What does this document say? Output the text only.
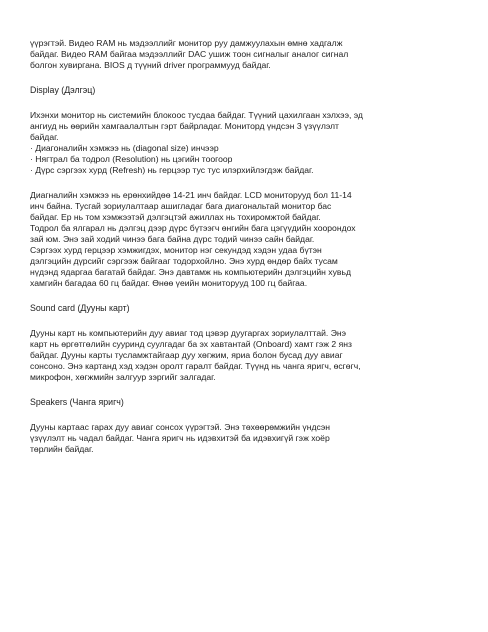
үүрэгтэй. Видео RAM нь мэдээллийг монитор руу дамжуулахын өмнө хадгалж
байдаг. Видео RAM байгаа мэдээллийг DAC ушиж тоон сигналыг аналог сигнал
болгон хувиргана. BIOS д түүний driver программууд байдаг.
Display (Дэлгэц)
Ихэнхи монитор нь системийн блокоос тусдаа байдаг. Түүний цахилгаан хэлхээ, эд
ангиуд нь өөрийн хамгаалалтын гэрт байрладаг. Мониторд үндсэн 3 үзүүлэлт
байдаг.
· Диагоналийн хэмжээ нь (diagonal size) инчээр
· Нягтрал ба тодрол (Resolution) нь цэгийн тоогоор
· Дүрс сэргээх хурд (Refresh) нь герцээр тус тус илэрхийлэгдэж байдаг.
Диагналийн хэмжээ нь ерөнхийдөө 14-21 инч байдаг. LCD мониторууд бол 11-14
инч байна. Тусгай зориулалтаар ашигладаг бага диагональтай монитор бас
байдаг. Ер нь том хэмжээтэй дэлгэцтэй ажиллах нь тохиромжтой байдаг.
Тодрол ба ялгарал нь дэлгэц дээр дүрс бүтээгч өнгийн бага цэгүүдийн хоорондох
зай юм. Энэ зай ходий чинээ бага байна дүрс тодий чинээ сайн байдаг.
Сэргээх хурд герцээр хэмжигдэх, монитор нэг секундэд хэдэн удаа бүтэн
дэлгэцийн дүрсийг сэргээж байгааг тодорхойлно. Энэ хурд өндөр байх тусам
нүдэнд ядаргаа багатай байдаг. Энэ давтамж нь компьютерийн дэлгэцийн хувьд
хамгийн багадаа 60 гц байдаг. Өнөө үеийн мониторууд 100 гц байгаа.
Sound card (Дууны карт)
Дууны карт нь компьютерийн дуу авиаг тод цэвэр дуугаргах зориулалттай. Энэ
карт нь өргөтгөлийн сууринд суулгадаг ба эх хавтантай (Onboard) хамт гэж 2 янз
байдаг. Дууны карты тусламжтайгаар дуу хөгжим, яриа болон бусад дуу авиаг
сонсоно. Энэ картанд хэд хэдэн оролт гаралт байдаг. Түүнд нь чанга яригч, өсгөгч,
микрофон, хөгжмийн залгуур зэргийг залгадаг.
Speakers (Чанга яригч)
Дууны картаас гарах дуу авиаг сонсох үүрэгтэй. Энэ төхөөрөмжийн үндсэн
үзүүлэлт нь чадал байдаг. Чанга яригч нь идэвхитэй ба идэвхигүй гэж хоёр
төрлийн байдаг.
